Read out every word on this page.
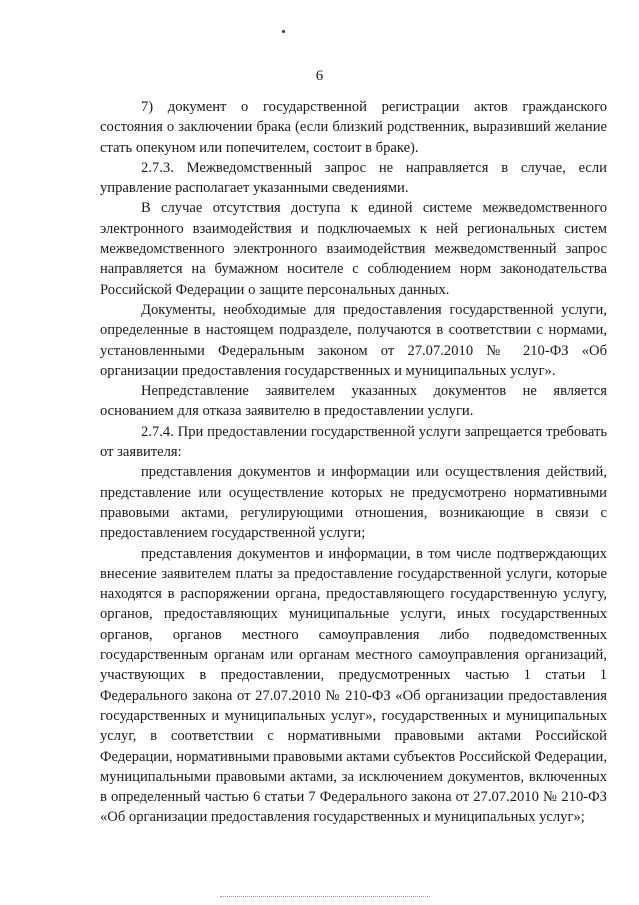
6

7) документ о государственной регистрации актов гражданского состояния о заключении брака (если близкий родственник, выразивший желание стать опекуном или попечителем, состоит в браке).

2.7.3. Межведомственный запрос не направляется в случае, если управление располагает указанными сведениями.

В случае отсутствия доступа к единой системе межведомственного электронного взаимодействия и подключаемых к ней региональных систем межведомственного электронного взаимодействия межведомственный запрос направляется на бумажном носителе с соблюдением норм законодательства Российской Федерации о защите персональных данных.

Документы, необходимые для предоставления государственной услуги, определенные в настоящем подразделе, получаются в соответствии с нормами, установленными Федеральным законом от 27.07.2010 № 210-ФЗ «Об организации предоставления государственных и муниципальных услуг».

Непредставление заявителем указанных документов не является основанием для отказа заявителю в предоставлении услуги.

2.7.4. При предоставлении государственной услуги запрещается требовать от заявителя:

представления документов и информации или осуществления действий, представление или осуществление которых не предусмотрено нормативными правовыми актами, регулирующими отношения, возникающие в связи с предоставлением государственной услуги;

представления документов и информации, в том числе подтверждающих внесение заявителем платы за предоставление государственной услуги, которые находятся в распоряжении органа, предоставляющего государственную услугу, органов, предоставляющих муниципальные услуги, иных государственных органов, органов местного самоуправления либо подведомственных государственным органам или органам местного самоуправления организаций, участвующих в предоставлении, предусмотренных частью 1 статьи 1 Федерального закона от 27.07.2010 № 210-ФЗ «Об организации предоставления государственных и муниципальных услуг», государственных и муниципальных услуг, в соответствии с нормативными правовыми актами Российской Федерации, нормативными правовыми актами субъектов Российской Федерации, муниципальными правовыми актами, за исключением документов, включенных в определенный частью 6 статьи 7 Федерального закона от 27.07.2010 № 210-ФЗ «Об организации предоставления государственных и муниципальных услуг»;
